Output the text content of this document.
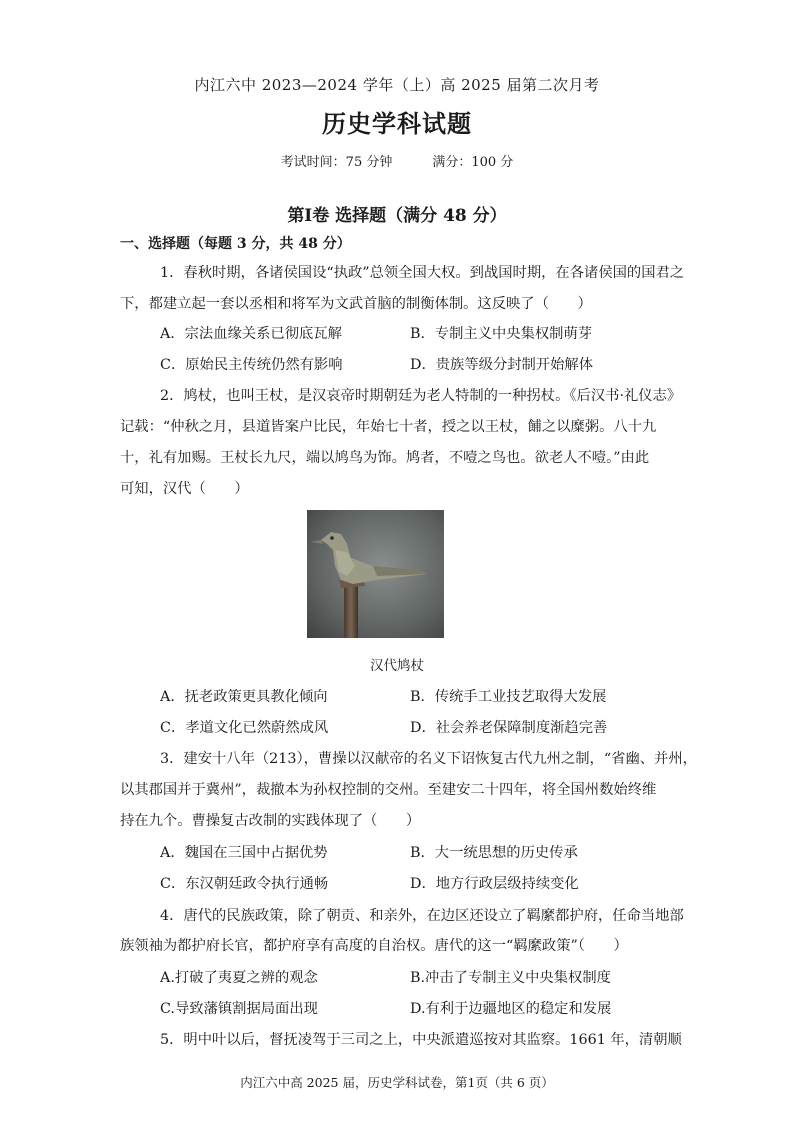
内江六中 2023—2024 学年（上）高 2025 届第二次月考
历史学科试题
考试时间：75 分钟	满分：100 分
第Ⅰ卷 选择题（满分 48 分）
一、选择题（每题 3 分，共 48 分）
1．春秋时期，各诸侯国设“执政”总领全国大权。到战国时期，在各诸侯国的国君之
下，都建立起一套以丞相和将军为文武首脑的制衡体制。这反映了（　　）
A．宗法血缘关系已彻底瓦解	B．专制主义中央集权制萌芽
C．原始民主传统仍然有影响	D．贵族等级分封制开始解体
2．鸠杖，也叫王杖，是汉哀帝时期朝廷为老人特制的一种拐杖。《后汉书·礼仪志》
记载：“仲秋之月，县道皆案户比民，年始七十者，授之以王杖，餔之以糜粥。八十九
十，礼有加赐。王杖长九尺，端以鸠鸟为饰。鸠者，不噎之鸟也。欲老人不噎。”由此
可知，汉代（　　）
汉代鸠杖
A．抚老政策更具教化倾向	B．传统手工业技艺取得大发展
C．孝道文化已然蔚然成风	D．社会养老保障制度渐趋完善
3．建安十八年（213），曹操以汉献帝的名义下诏恢复古代九州之制，“省幽、并州，
以其郡国并于冀州”，裁撤本为孙权控制的交州。至建安二十四年，将全国州数始终维
持在九个。曹操复古改制的实践体现了（　　）
A．魏国在三国中占据优势	B．大一统思想的历史传承
C．东汉朝廷政令执行通畅	D．地方行政层级持续变化
4．唐代的民族政策，除了朝贡、和亲外，在边区还设立了羁縻都护府，任命当地部
族领袖为都护府长官，都护府享有高度的自治权。唐代的这一“羁縻政策”（　　）
A.打破了夷夏之辨的观念	B.冲击了专制主义中央集权制度
C.导致藩镇割据局面出现	D.有利于边疆地区的稳定和发展
5．明中叶以后，督抚凌驾于三司之上，中央派遣巡按对其监察。1661 年，清朝顺
内江六中高 2025 届，历史学科试卷，第1页（共 6 页）
